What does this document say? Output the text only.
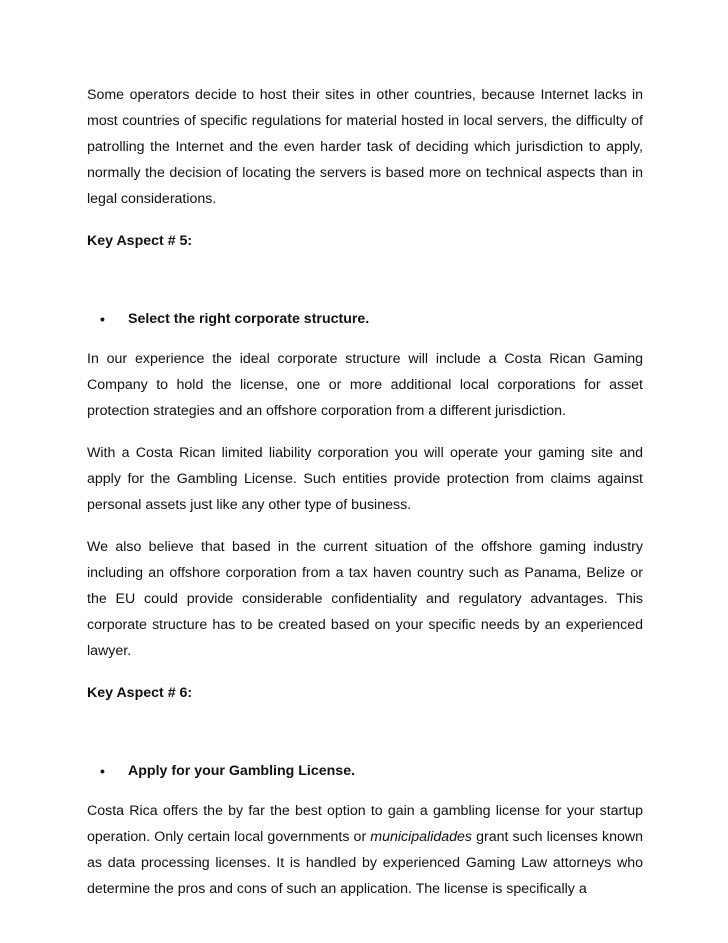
Some operators decide to host their sites in other countries, because Internet lacks in most countries of specific regulations for material hosted in local servers, the difficulty of patrolling the Internet and the even harder task of deciding which jurisdiction to apply, normally the decision of locating the servers is based more on technical aspects than in legal considerations.

Key Aspect # 5:

•	Select the right corporate structure.

In our experience the ideal corporate structure will include a Costa Rican Gaming Company to hold the license, one or more additional local corporations for asset protection strategies and an offshore corporation from a different jurisdiction.

With a Costa Rican limited liability corporation you will operate your gaming site and apply for the Gambling License. Such entities provide protection from claims against personal assets just like any other type of business.

We also believe that based in the current situation of the offshore gaming industry including an offshore corporation from a tax haven country such as Panama, Belize or the EU could provide considerable confidentiality and regulatory advantages. This corporate structure has to be created based on your specific needs by an experienced lawyer.

Key Aspect # 6:

•	Apply for your Gambling License.

Costa Rica offers the by far the best option to gain a gambling license for your startup operation. Only certain local governments or municipalidades grant such licenses known as data processing licenses. It is handled by experienced Gaming Law attorneys who determine the pros and cons of such an application. The license is specifically a
